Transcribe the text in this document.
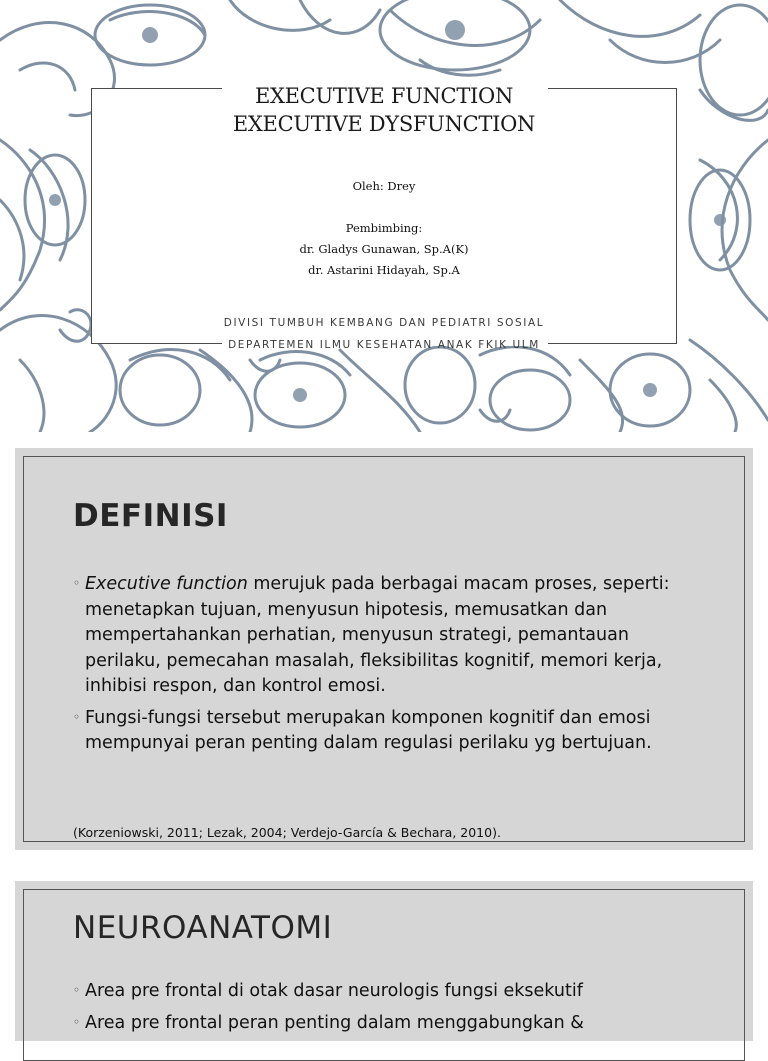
EXECUTIVE FUNCTION
EXECUTIVE DYSFUNCTION
Oleh: Drey
Pembimbing:
dr. Gladys Gunawan, Sp.A(K)
dr. Astarini Hidayah, Sp.A
DIVISI TUMBUH KEMBANG DAN PEDIATRI SOSIAL
DEPARTEMEN ILMU KESEHATAN ANAK FKIK ULM
DEFINISI
◦ Executive function merujuk pada berbagai macam proses, seperti: menetapkan tujuan, menyusun hipotesis, memusatkan dan mempertahankan perhatian, menyusun strategi, pemantauan perilaku, pemecahan masalah, fleksibilitas kognitif, memori kerja, inhibisi respon, dan kontrol emosi.
◦ Fungsi-fungsi tersebut merupakan komponen kognitif dan emosi mempunyai peran penting dalam regulasi perilaku yg bertujuan.
(Korzeniowski, 2011; Lezak, 2004; Verdejo-García & Bechara, 2010).
NEUROANATOMI
◦ Area pre frontal di otak dasar neurologis fungsi eksekutif
◦ Area pre frontal peran penting dalam menggabungkan &
